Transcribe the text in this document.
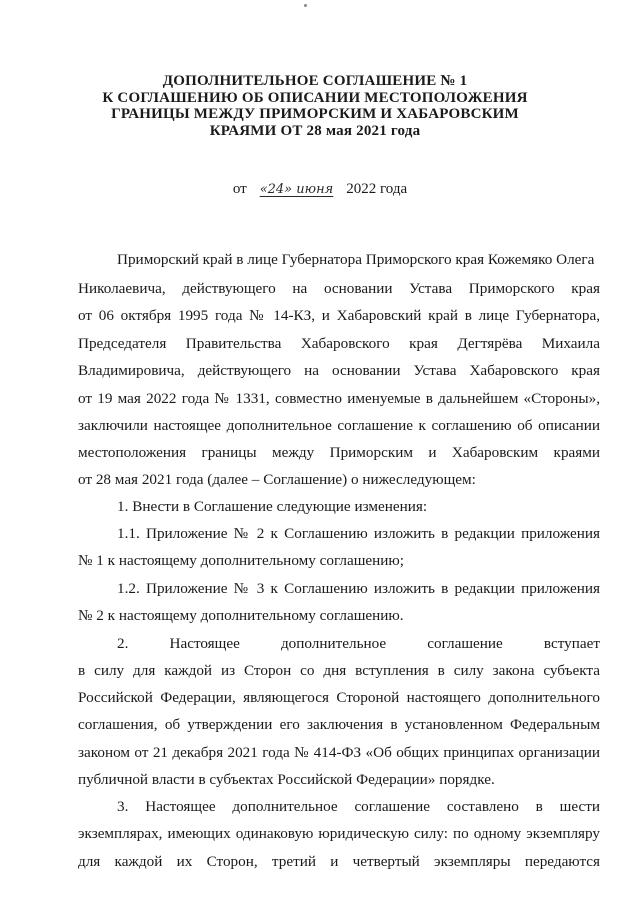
ДОПОЛНИТЕЛЬНОЕ СОГЛАШЕНИЕ № 1
К СОГЛАШЕНИЮ ОБ ОПИСАНИИ МЕСТОПОЛОЖЕНИЯ
ГРАНИЦЫ МЕЖДУ ПРИМОРСКИМ И ХАБАРОВСКИМ
КРАЯМИ ОТ 28 мая 2021 года
от «24» июня 2022 года
Приморский край в лице Губернатора Приморского края Кожемяко Олега
Николаевича, действующего на основании Устава Приморского края
от 06 октября 1995 года № 14-КЗ, и Хабаровский край в лице Губернатора,
Председателя Правительства Хабаровского края Дегтярёва Михаила
Владимировича, действующего на основании Устава Хабаровского края
от 19 мая 2022 года № 1331, совместно именуемые в дальнейшем «Стороны»,
заключили настоящее дополнительное соглашение к соглашению об описании
местоположения границы между Приморским и Хабаровским краями
от 28 мая 2021 года (далее – Соглашение) о нижеследующем:
1. Внести в Соглашение следующие изменения:
1.1. Приложение № 2 к Соглашению изложить в редакции приложения
№ 1 к настоящему дополнительному соглашению;
1.2. Приложение № 3 к Соглашению изложить в редакции приложения
№ 2 к настоящему дополнительному соглашению.
2. Настоящее дополнительное соглашение вступает
в силу для каждой из Сторон со дня вступления в силу закона субъекта
Российской Федерации, являющегося Стороной настоящего дополнительного
соглашения, об утверждении его заключения в установленном Федеральным
законом от 21 декабря 2021 года № 414-ФЗ «Об общих принципах организации
публичной власти в субъектах Российской Федерации» порядке.
3. Настоящее дополнительное соглашение составлено в шести
экземплярах, имеющих одинаковую юридическую силу: по одному экземпляру
для каждой их Сторон, третий и четвертый экземпляры передаются
